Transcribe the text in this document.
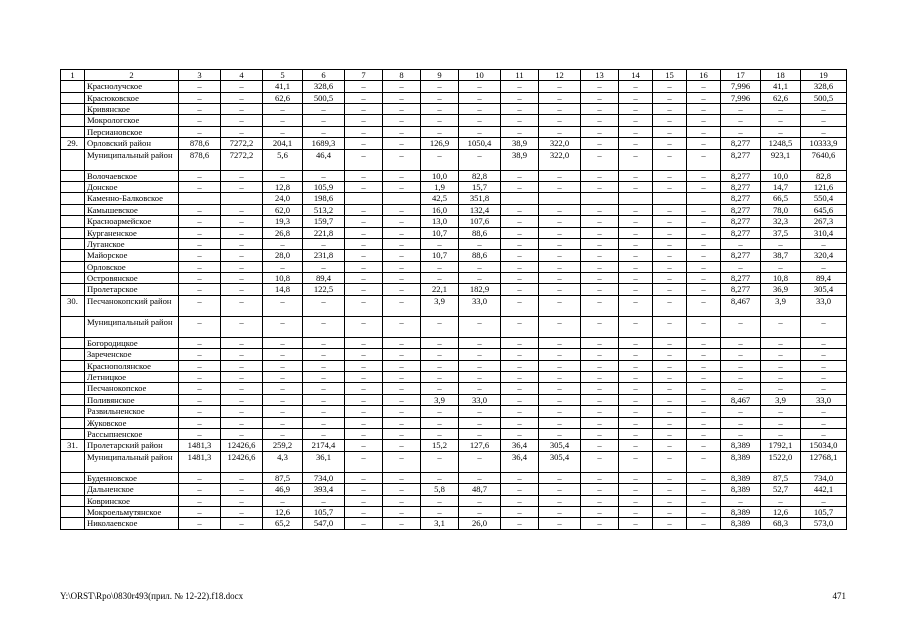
1	2	3	4	5	6	7	8	9	10	11	12	13	14	15	16	17	18	19
	Краснолучское	–	–	41,1	328,6	–	–	–	–	–	–	–	–	–	–	7,996	41,1	328,6
	Красюковское	–	–	62,6	500,5	–	–	–	–	–	–	–	–	–	–	7,996	62,6	500,5
	Кривянское	–	–	–	–	–	–	–	–	–	–	–	–	–	–	–	–	–
	Мокрологское	–	–	–	–	–	–	–	–	–	–	–	–	–	–	–	–	–
	Персиановское	–	–	–	–	–	–	–	–	–	–	–	–	–	–	–	–	–
29.	Орловский район	878,6	7272,2	204,1	1689,3	–	–	126,9	1050,4	38,9	322,0	–	–	–	–	8,277	1248,5	10333,9
	Муниципальный район	878,6	7272,2	5,6	46,4	–	–	–	–	38,9	322,0	–	–	–	–	8,277	923,1	7640,6
	Волочаевское	–	–	–	–	–	–	10,0	82,8	–	–	–	–	–	–	8,277	10,0	82,8
	Донское	–	–	12,8	105,9	–	–	1,9	15,7	–	–	–	–	–	–	8,277	14,7	121,6
	Каменно-Балковское			24,0	198,6			42,5	351,8							8,277	66,5	550,4
	Камышевское	–	–	62,0	513,2	–	–	16,0	132,4	–	–	–	–	–	–	8,277	78,0	645,6
	Красноармейское	–	–	19,3	159,7	–	–	13,0	107,6	–	–	–	–	–	–	8,277	32,3	267,3
	Курганенское	–	–	26,8	221,8	–	–	10,7	88,6	–	–	–	–	–	–	8,277	37,5	310,4
	Луганское	–	–	–	–	–	–	–	–	–	–	–	–	–	–	–	–	–
	Майорское	–	–	28,0	231,8	–	–	10,7	88,6	–	–	–	–	–	–	8,277	38,7	320,4
	Орловское	–	–	–	–	–	–	–	–	–	–	–	–	–	–	–	–	–
	Островянское	–	–	10,8	89,4	–	–	–	–	–	–	–	–	–	–	8,277	10,8	89,4
	Пролетарское	–	–	14,8	122,5	–	–	22,1	182,9	–	–	–	–	–	–	8,277	36,9	305,4
30.	Песчанокопский район	–	–	–	–	–	–	3,9	33,0	–	–	–	–	–	–	8,467	3,9	33,0
	Муниципальный район	–	–	–	–	–	–	–	–	–	–	–	–	–	–	–	–	–
	Богородицкое	–	–	–	–	–	–	–	–	–	–	–	–	–	–	–	–	–
	Зареченское	–	–	–	–	–	–	–	–	–	–	–	–	–	–	–	–	–
	Краснополянское	–	–	–	–	–	–	–	–	–	–	–	–	–	–	–	–	–
	Летницкое	–	–	–	–	–	–	–	–	–	–	–	–	–	–	–	–	–
	Песчанокопское	–	–	–	–	–	–	–	–	–	–	–	–	–	–	–	–	–
	Поливянское	–	–	–	–	–	–	3,9	33,0	–	–	–	–	–	–	8,467	3,9	33,0
	Развильненское	–	–	–	–	–	–	–	–	–	–	–	–	–	–	–	–	–
	Жуковское	–	–	–	–	–	–	–	–	–	–	–	–	–	–	–	–	–
	Рассыпненское	–	–	–	–	–	–	–	–	–	–	–	–	–	–	–	–	–
31.	Пролетарский район	1481,3	12426,6	259,2	2174,4	–	–	15,2	127,6	36,4	305,4	–	–	–	–	8,389	1792,1	15034,0
	Муниципальный район	1481,3	12426,6	4,3	36,1	–	–	–	–	36,4	305,4	–	–	–	–	8,389	1522,0	12768,1
	Буденновское	–	–	87,5	734,0	–	–	–	–	–	–	–	–	–	–	8,389	87,5	734,0
	Дальненское	–	–	46,9	393,4	–	–	5,8	48,7	–	–	–	–	–	–	8,389	52,7	442,1
	Ковринское	–	–	–	–	–	–	–	–	–	–	–	–	–	–	–	–	–
	Мокроельмутянское	–	–	12,6	105,7	–	–	–	–	–	–	–	–	–	–	8,389	12,6	105,7
	Николаевское	–	–	65,2	547,0	–	–	3,1	26,0	–	–	–	–	–	–	8,389	68,3	573,0
Y:\ORST\Rpo\0830r493(прил. № 12-22).f18.docx	471
